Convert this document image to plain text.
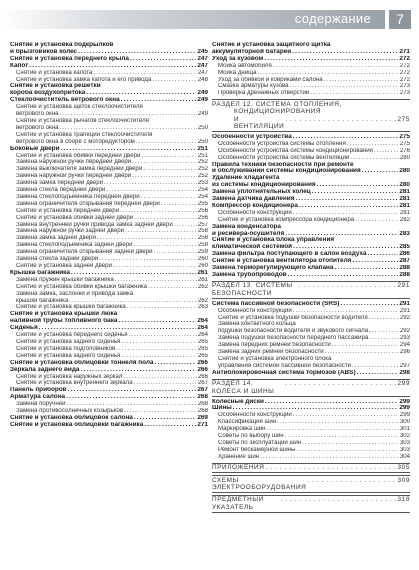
содержание	7
Снятие и установка подкрылков
и брызговиков колес . . .	245
Снятие и установка переднего крыла . . .	247
Капот . . .	247
Снятие и установка капота . . .	247
Снятие и установка замка капота и его привода . . .	248
Снятие и установка решетки
короба воздухопритока . . .	249
Стеклоочиститель ветрового окна . . .	249
Снятие и установка щеток стеклоочистителя
ветрового окна . . .	249
Снятие и установка рычагов стеклоочистителя
ветрового окна . . .	250
Снятие и установка трапеции стеклоочистителя
ветрового окна в сборе с мотоpедуктором . . .	250
Боковые двери . . .	251
Снятие и установка обивки передней двери . . .	251
Замена наружной ручки передней двери . . .	252
Замена выключателя замка передней двери . . .	252
Замена наружной ручки передней двери . . .	252
Замена замка передней двери . . .	253
Замена стекла передней двери . . .	254
Замена стеклоподъемника передней двери . . .	254
Замена ограничителя открывания передней двери . . .	255
Снятие и установка передней двери . . .	256
Снятие и установка обивки задней двери . . .	256
Замена внутренней ручки привода замка задней двери . . .	257
Замена наружной ручки задней двери . . .	258
Замена замка задней двери . . .	258
Замена стеклоподъемника задней двери . . .	259
Замена ограничителя открывания задней двери . . .	259
Замена стекла задней двери . . .	260
Снятие и установка задней двери . . .	260
Крышка багажника . . .	261
Замена пружин крышки багажника . . .	261
Снятие и установка обивки крышки багажника . . .	262
Замена замка, заслонки и привода замка
крышки багажника . . .	262
Снятие и установка крышки багажника . . .	263
Снятие и установка крышки люка
наливной трубы топливного бака . . .	264
Сиденья . . .	264
Снятие и установка переднего сиденья . . .	264
Снятие и установка заднего сиденья . . .	265
Снятие и установка подголовников . . .	265
Снятие и установка заднего сиденья . . .	265
Снятие и установка облицовки тоннеля пола . . .	266
Зеркала заднего вида . . .	266
Снятие и установка наружных зеркал . . .	266
Снятие и установка внутреннего зеркала . . .	267
Панель приборов . . .	267
Арматура салона . . .	268
Замена поручней . . .	268
Замена противосолнечных козырьков . . .	268
Снятие и установка облицовок салона . . .	269
Снятие и установка облицовки багажника . . .	271
Снятие и установка защитного щитка
аккумуляторной батареи . . .	271
Уход за кузовом . . .	272
Мойка автомобиля . . .	272
Мойка днища . . .	272
Уход за обивкой и ковриками салона . . .	272
Смазка арматуры кузова . . .	273
Проверка дренажных отверстий . . .	273
РАЗДЕЛ 12. СИСТЕМА ОТОПЛЕНИЯ,
КОНДИЦИОНИРОВАНИЯ
И ВЕНТИЛЯЦИИ
. . .
275
Особенности устройства . . .	275
Особенности устройства системы отопления . . .	275
Особенности устройства системы кондиционирования . . .	276
Особенности устройства системы вентиляции . . .	280
Правила техники безопасности при ремонте
и обслуживании системы кондиционирования . . .	280
Удаление хладагента
из системы кондиционирования . . .	280
Замена уплотнительных колец . . .	281
Замена датчика давления . . .	281
Компрессор кондиционера . . .	281
Особенности конструкции . . .	281
Снятие и установка компрессора кондиционера . . .	282
Замена конденсатора
и ресивера-осушителя . . .	283
Снятие и установка блока управления
климатической системой . . .	285
Замена фильтра поступающего в салон воздуха . . .	286
Снятие и установка вентилятора отопителя . . .	287
Замена терморегулирующего клапана . . .	288
Замена трубопроводов . . .	288
РАЗДЕЛ 13. СИСТЕМЫ БЕЗОПАСНОСТИ
. . .
291
Система пассивной безопасности (SRS) . . .	291
Особенности конструкции . . .	291
Снятие и установка подушки безопасности водителя . . .	292
Замена контактного кольца
подушки безопасности водителя и звукового сигнала . . .	292
Замена подушки безопасности переднего пассажира . . .	293
Замена передних ремней безопасности . . .	294
Замена задних ремней безопасности . . .	296
Снятие и установка электронного блока
управления системой пассивной безопасности . . .	297
Антиблокировочная система тормозов (ABS) . . .	298
РАЗДЕЛ 14. КОЛЕСА И ШИНЫ
. . .
299
Колесные диски . . .	299
Шины . . .	299
Особенности конструкции . . .	299
Классификация шин . . .	300
Маркировка шин . . .	301
Советы по выбору шин . . .	302
Советы по эксплуатации шин . . .	303
Ремонт бескамерной шины . . .	303
Хранение шин . . .	304
ПРИЛОЖЕНИЯ . . .	305
СХЕМЫ ЭЛЕКТРООБОРУДОВАНИЯ
. . .
309
ПРЕДМЕТНЫЙ УКАЗАТЕЛЬ
. . .
318
